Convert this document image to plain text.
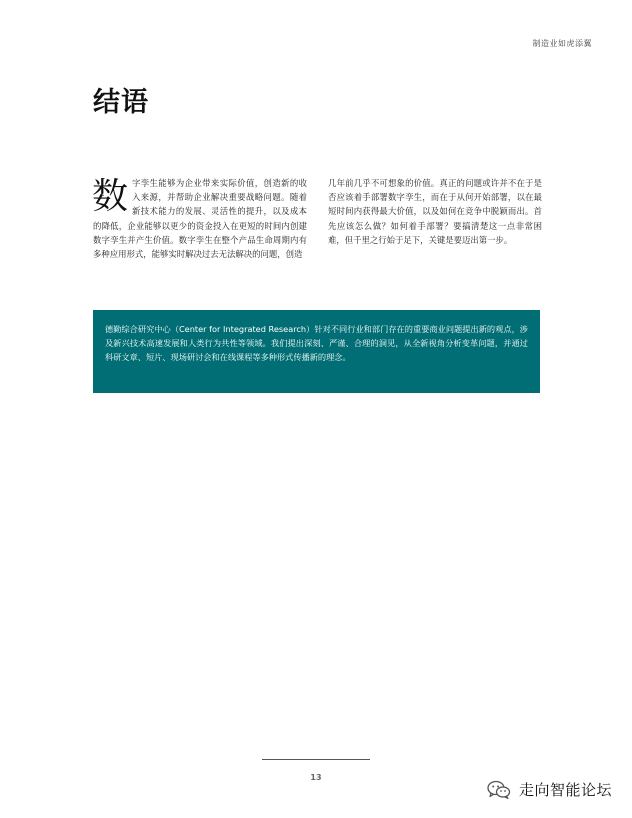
制造业如虎添翼
结语
数 字孪生能够为企业带来实际价值，创造新的收入来源，并帮助企业解决重要战略问题。随着新技术能力的发展、灵活性的提升，以及成本的降低，企业能够以更少的资金投入在更短的时间内创建数字孪生并产生价值。数字孪生在整个产品生命周期内有多种应用形式，能够实时解决过去无法解决的问题，创造
几年前几乎不可想象的价值。真正的问题或许并不在于是否应该着手部署数字孪生，而在于从何开始部署，以在最短时间内获得最大价值，以及如何在竞争中脱颖而出。首先应该怎么做？如何着手部署？要搞清楚这一点非常困难，但千里之行始于足下，关键是要迈出第一步。
德勤综合研究中心（Center for Integrated Research）针对不同行业和部门存在的重要商业问题提出新的观点，涉及新兴技术高速发展和人类行为共性等领域。我们提出深刻、严谨、合理的洞见，从全新视角分析变革问题，并通过科研文章、短片、现场研讨会和在线课程等多种形式传播新的理念。
13
走向智能论坛
